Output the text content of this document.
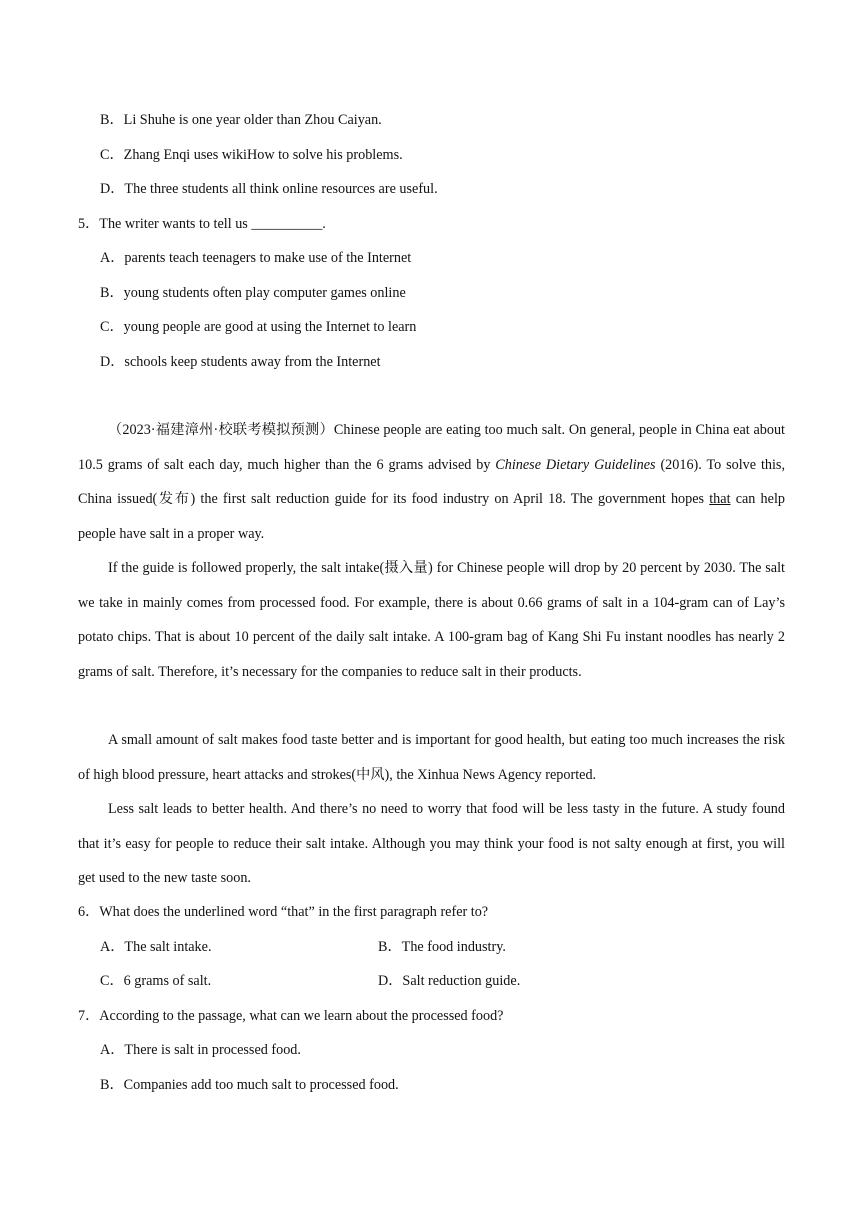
B．Li Shuhe is one year older than Zhou Caiyan.
C．Zhang Enqi uses wikiHow to solve his problems.
D．The three students all think online resources are useful.
5．The writer wants to tell us __________.
A．parents teach teenagers to make use of the Internet
B．young students often play computer games online
C．young people are good at using the Internet to learn
D．schools keep students away from the Internet

（2023·福建漳州·校联考模拟预测）Chinese people are eating too much salt. On general, people in China eat about 10.5 grams of salt each day, much higher than the 6 grams advised by Chinese Dietary Guidelines (2016). To solve this, China issued(发布) the first salt reduction guide for its food industry on April 18. The government hopes that can help people have salt in a proper way.

If the guide is followed properly, the salt intake(摄入量) for Chinese people will drop by 20 percent by 2030. The salt we take in mainly comes from processed food. For example, there is about 0.66 grams of salt in a 104-gram can of Lay’s potato chips. That is about 10 percent of the daily salt intake. A 100-gram bag of Kang Shi Fu instant noodles has nearly 2 grams of salt. Therefore, it’s necessary for the companies to reduce salt in their products.

A small amount of salt makes food taste better and is important for good health, but eating too much increases the risk of high blood pressure, heart attacks and strokes(中风), the Xinhua News Agency reported.

Less salt leads to better health. And there’s no need to worry that food will be less tasty in the future. A study found that it’s easy for people to reduce their salt intake. Although you may think your food is not salty enough at first, you will get used to the new taste soon.

6．What does the underlined word “that” in the first paragraph refer to?
A．The salt intake.	B．The food industry.
C．6 grams of salt.	D．Salt reduction guide.
7．According to the passage, what can we learn about the processed food?
A．There is salt in processed food.
B．Companies add too much salt to processed food.
